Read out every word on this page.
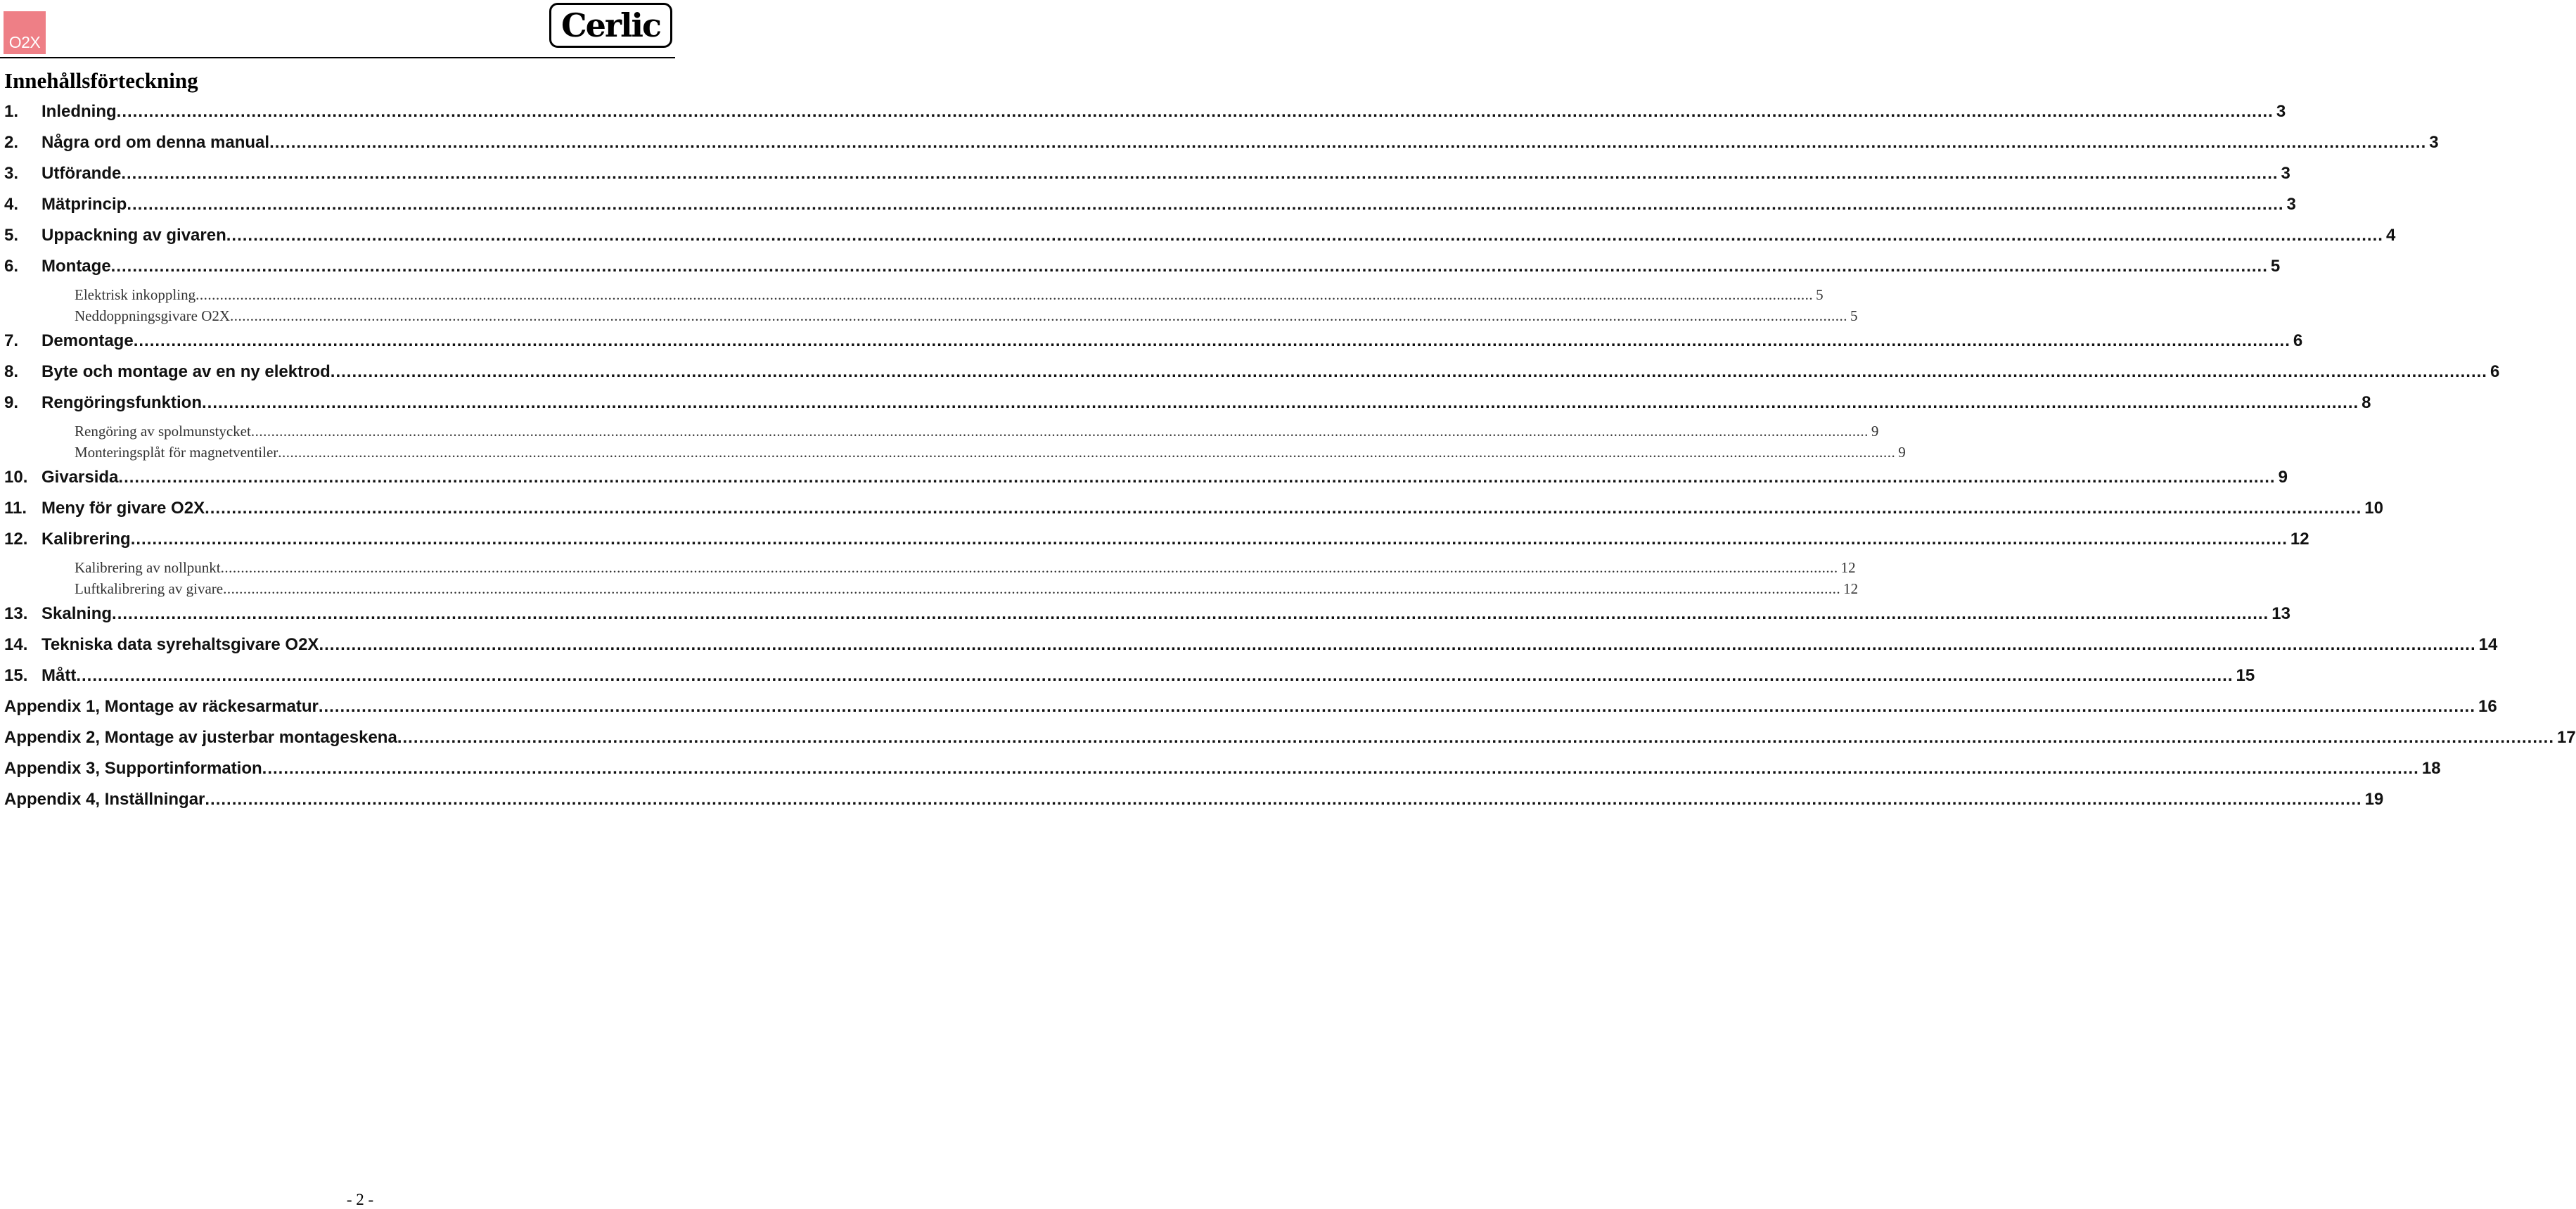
O2X	Cerlic
Innehållsförteckning
1.	Inledning ................................................................................................................................................................................................................................................................................................................................................................................................................ 3
2.	Några ord om denna manual ................................................................................................................................................................................................................................................................................................................................................................................................................ 3
3.	Utförande ................................................................................................................................................................................................................................................................................................................................................................................................................ 3
4.	Mätprincip ................................................................................................................................................................................................................................................................................................................................................................................................................ 3
5.	Uppackning av givaren ................................................................................................................................................................................................................................................................................................................................................................................................................ 4
6.	Montage ................................................................................................................................................................................................................................................................................................................................................................................................................ 5
Elektrisk inkoppling ................................................................................................................................................................................................................................................................................................................................................................................................................ 5
Neddoppningsgivare O2X ................................................................................................................................................................................................................................................................................................................................................................................................................ 5
7.	Demontage ................................................................................................................................................................................................................................................................................................................................................................................................................ 6
8.	Byte och montage av en ny elektrod ................................................................................................................................................................................................................................................................................................................................................................................................................ 6
9.	Rengöringsfunktion ................................................................................................................................................................................................................................................................................................................................................................................................................ 8
Rengöring av spolmunstycket ................................................................................................................................................................................................................................................................................................................................................................................................................ 9
Monteringsplåt för magnetventiler ................................................................................................................................................................................................................................................................................................................................................................................................................ 9
10. Givarsida ................................................................................................................................................................................................................................................................................................................................................................................................................ 9
11. Meny för givare O2X ................................................................................................................................................................................................................................................................................................................................................................................................................ 10
12. Kalibrering ................................................................................................................................................................................................................................................................................................................................................................................................................ 12
Kalibrering av nollpunkt ................................................................................................................................................................................................................................................................................................................................................................................................................ 12
Luftkalibrering av givare ................................................................................................................................................................................................................................................................................................................................................................................................................ 12
13. Skalning ................................................................................................................................................................................................................................................................................................................................................................................................................ 13
14. Tekniska data syrehaltsgivare O2X ................................................................................................................................................................................................................................................................................................................................................................................................................ 14
15. Mått ................................................................................................................................................................................................................................................................................................................................................................................................................ 15
Appendix 1, Montage av räckesarmatur ................................................................................................................................................................................................................................................................................................................................................................................................................ 16
Appendix 2, Montage av justerbar montageskena ................................................................................................................................................................................................................................................................................................................................................................................................................ 17
Appendix 3, Supportinformation ................................................................................................................................................................................................................................................................................................................................................................................................................ 18
Appendix 4, Inställningar ................................................................................................................................................................................................................................................................................................................................................................................................................ 19
- 2 -
